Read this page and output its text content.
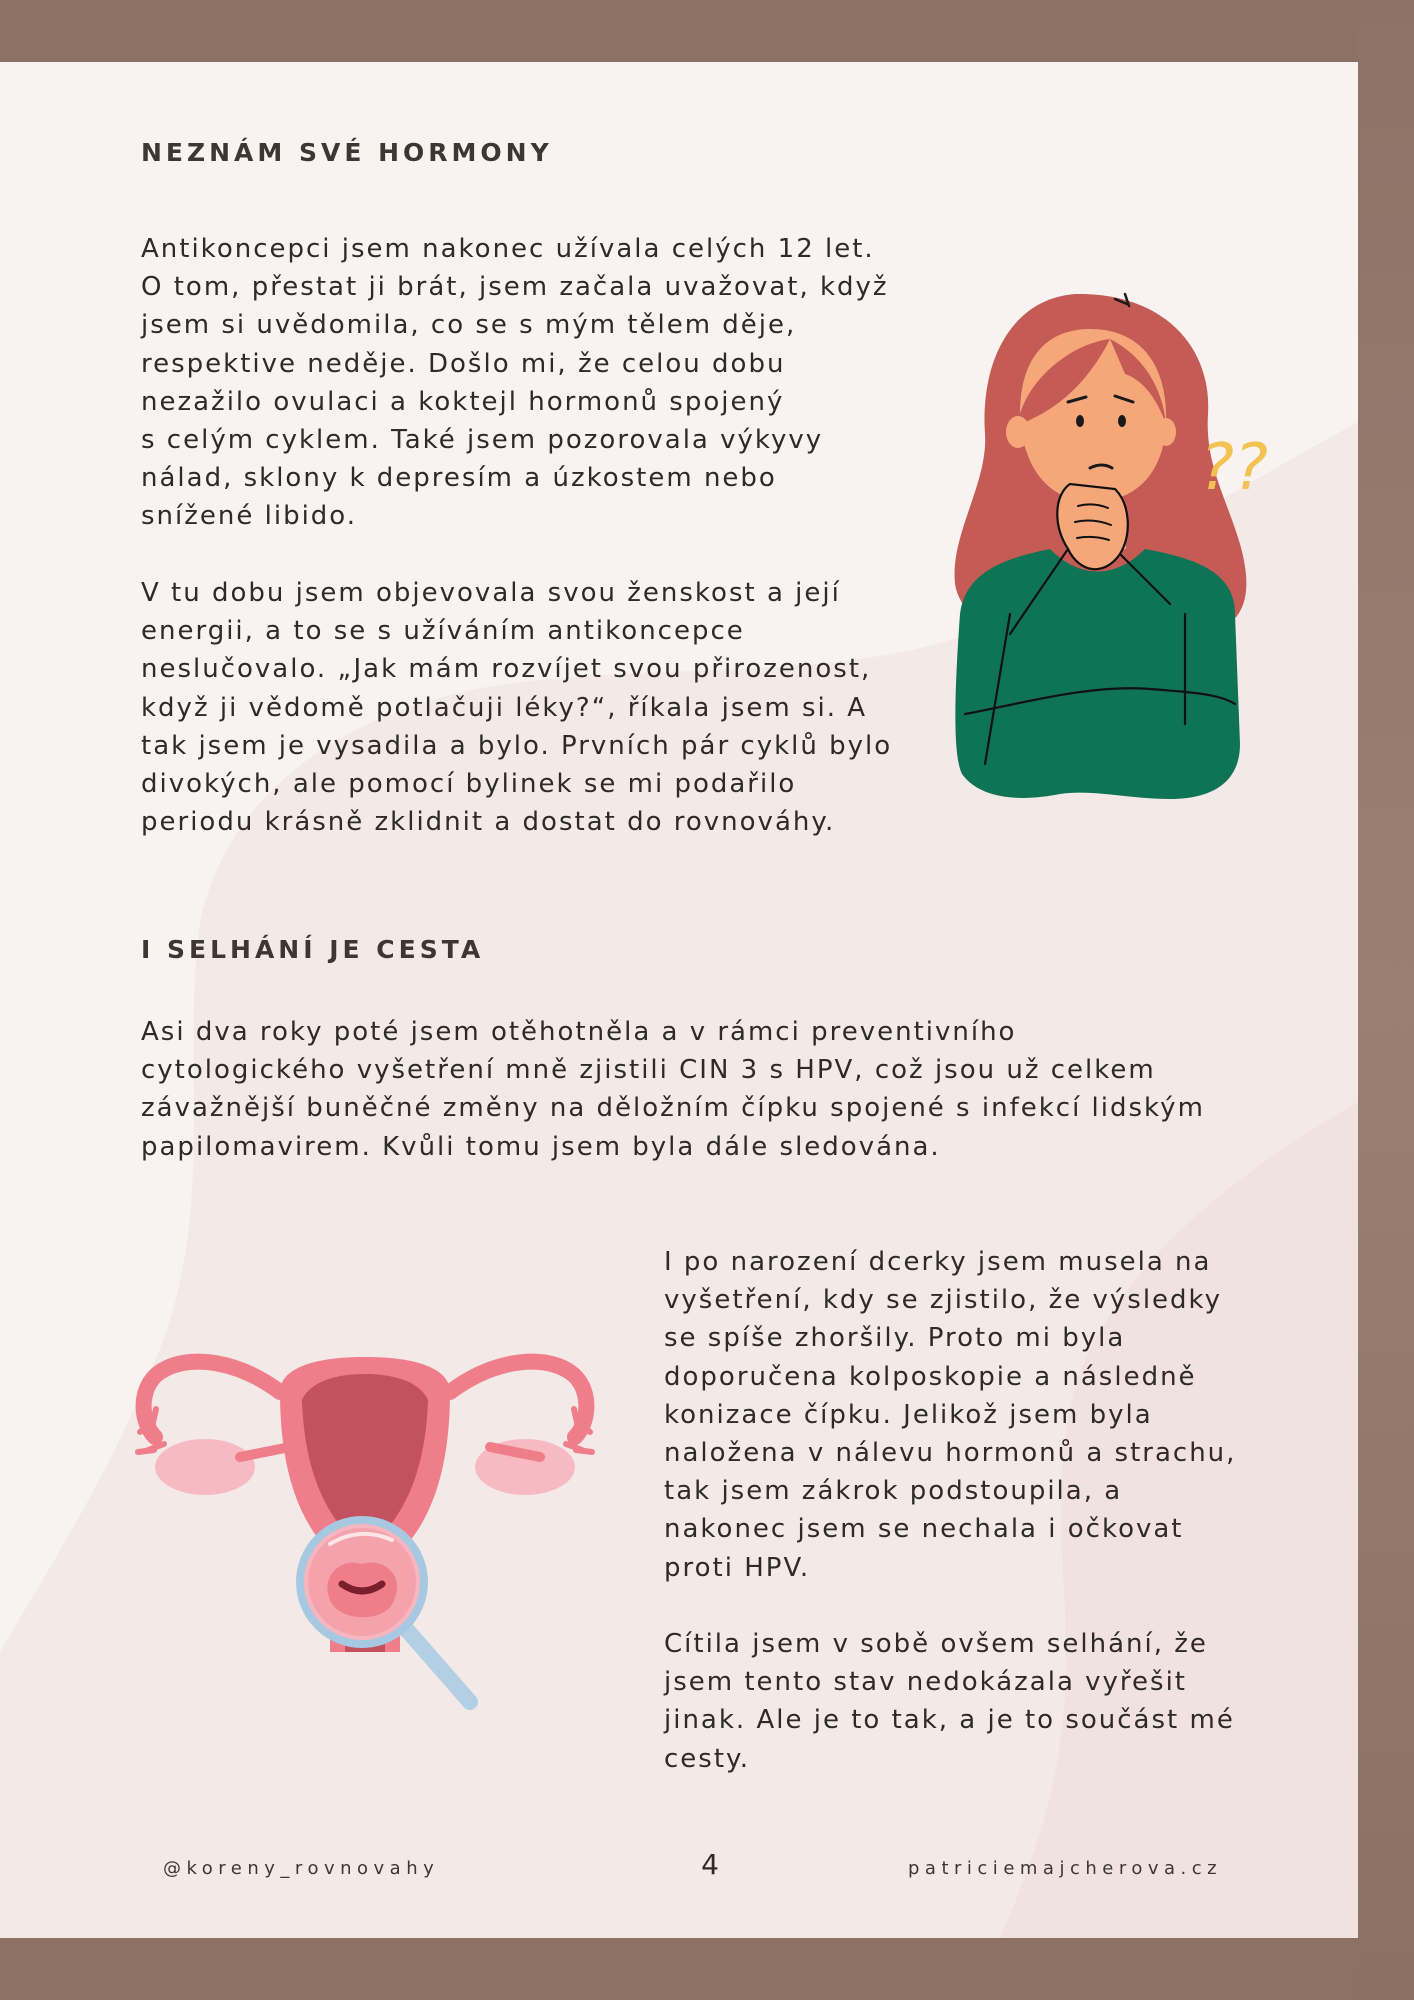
NEZNÁM SVÉ HORMONY

Antikoncepci jsem nakonec užívala celých 12 let.
O tom, přestat ji brát, jsem začala uvažovat, když
jsem si uvědomila, co se s mým tělem děje,
respektive neděje. Došlo mi, že celou dobu
nezažilo ovulaci a koktejl hormonů spojený
s celým cyklem. Také jsem pozorovala výkyvy
nálad, sklony k depresím a úzkostem nebo
snížené libido.

V tu dobu jsem objevovala svou ženskost a její
energii, a to se s užíváním antikoncepce
neslučovalo. „Jak mám rozvíjet svou přirozenost,
když ji vědomě potlačuji léky?“, říkala jsem si. A
tak jsem je vysadila a bylo. Prvních pár cyklů bylo
divokých, ale pomocí bylinek se mi podařilo
periodu krásně zklidnit a dostat do rovnováhy.

??
I SELHÁNÍ JE CESTA

Asi dva roky poté jsem otěhotněla a v rámci preventivního
cytologického vyšetření mně zjistili CIN 3 s HPV, což jsou už celkem
závažnější buněčné změny na děložním čípku spojené s infekcí lidským
papilomavirem. Kvůli tomu jsem byla dále sledována.

I po narození dcerky jsem musela na
vyšetření, kdy se zjistilo, že výsledky
se spíše zhoršily. Proto mi byla
doporučena kolposkopie a následně
konizace čípku. Jelikož jsem byla
naložena v nálevu hormonů a strachu,
tak jsem zákrok podstoupila, a
nakonec jsem se nechala i očkovat
proti HPV.

Cítila jsem v sobě ovšem selhání, že
jsem tento stav nedokázala vyřešit
jinak. Ale je to tak, a je to součást mé
cesty.

@koreny_rovnovahy	4	patriciemajcherova.cz
